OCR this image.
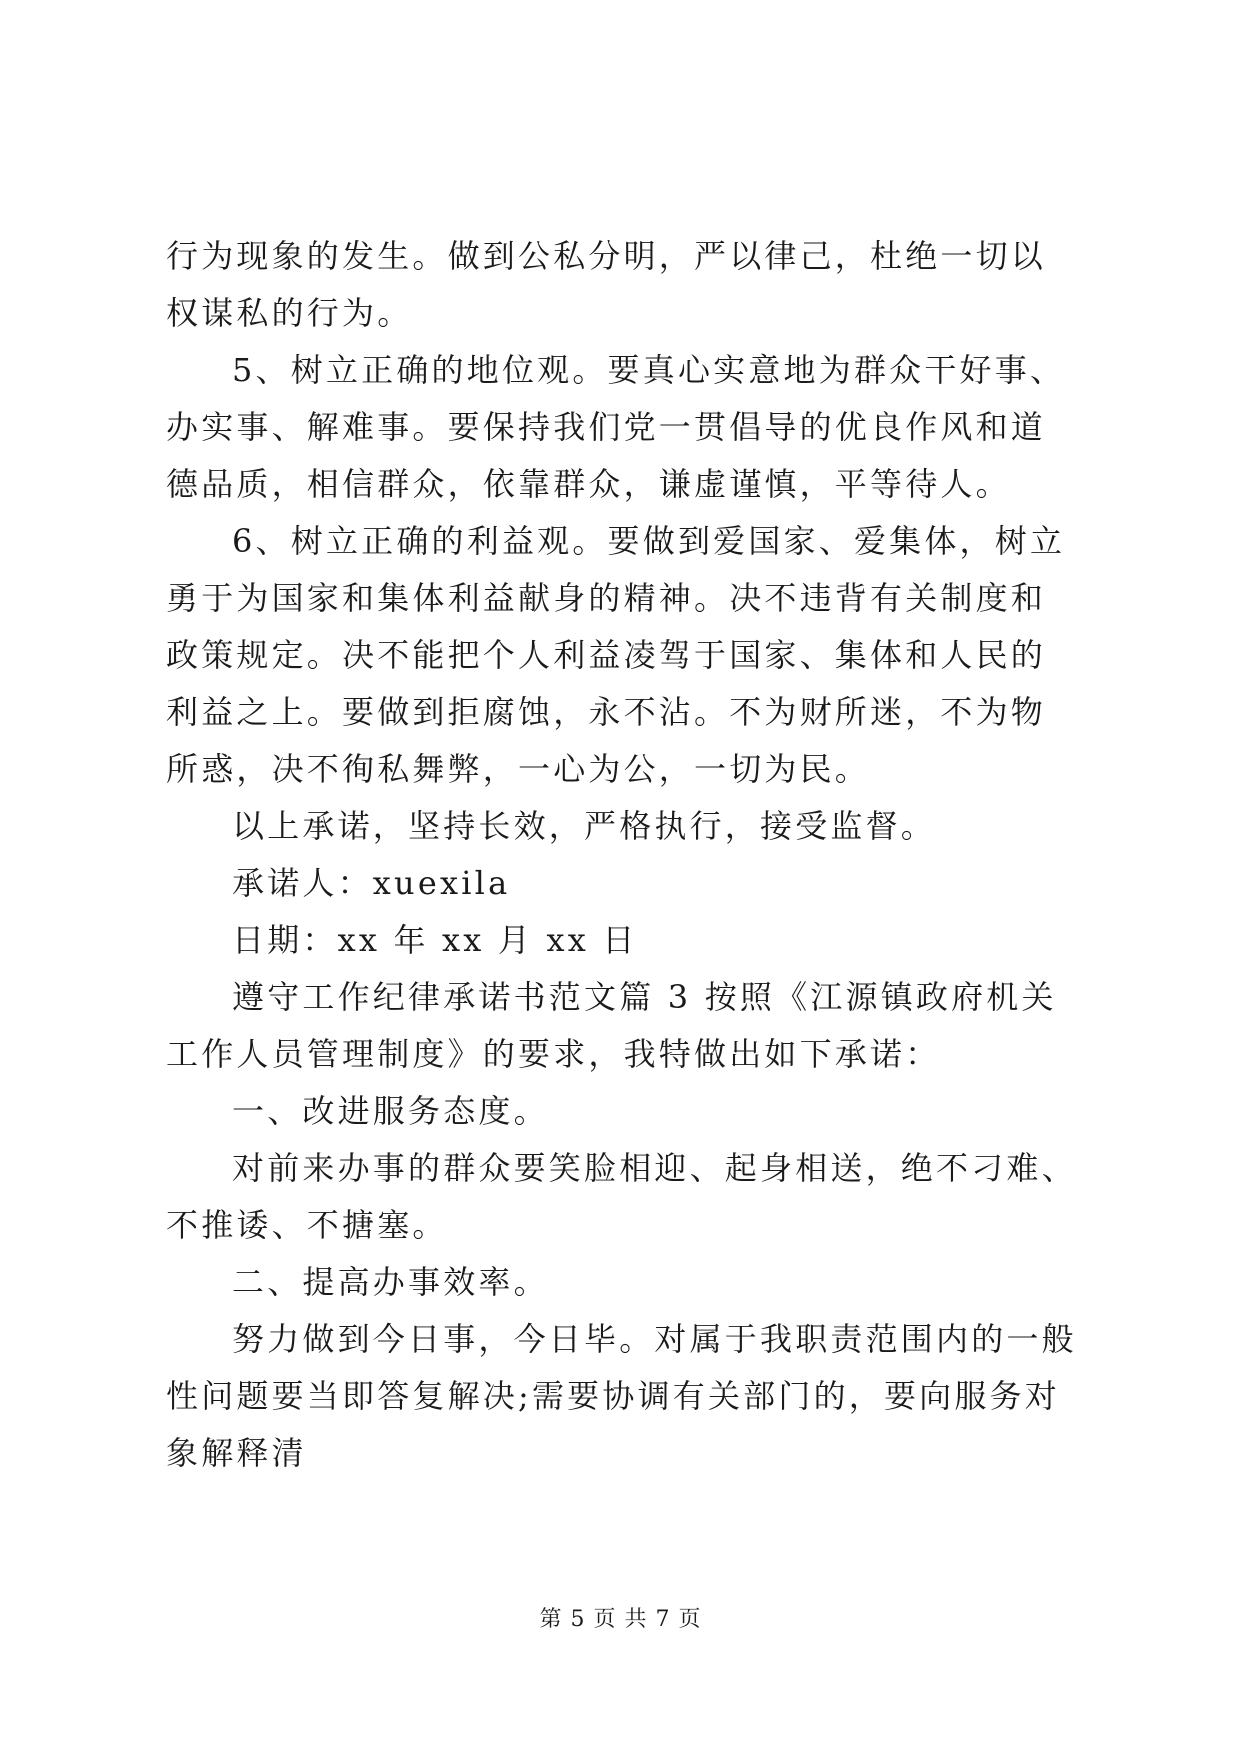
行为现象的发生。做到公私分明，严以律己，杜绝一切以权谋私的行为。

5、树立正确的地位观。要真心实意地为群众干好事、办实事、解难事。要保持我们党一贯倡导的优良作风和道德品质，相信群众，依靠群众，谦虚谨慎，平等待人。

6、树立正确的利益观。要做到爱国家、爱集体，树立勇于为国家和集体利益献身的精神。决不违背有关制度和政策规定。决不能把个人利益凌驾于国家、集体和人民的利益之上。要做到拒腐蚀，永不沾。不为财所迷，不为物所惑，决不徇私舞弊，一心为公，一切为民。

以上承诺，坚持长效，严格执行，接受监督。

承诺人：xuexila

日期：xx 年 xx 月 xx 日

遵守工作纪律承诺书范文篇 3 按照《江源镇政府机关工作人员管理制度》的要求，我特做出如下承诺：

一、改进服务态度。

对前来办事的群众要笑脸相迎、起身相送，绝不刁难、不推诿、不搪塞。

二、提高办事效率。

努力做到今日事，今日毕。对属于我职责范围内的一般性问题要当即答复解决;需要协调有关部门的，要向服务对象解释清

第 5 页 共 7 页
